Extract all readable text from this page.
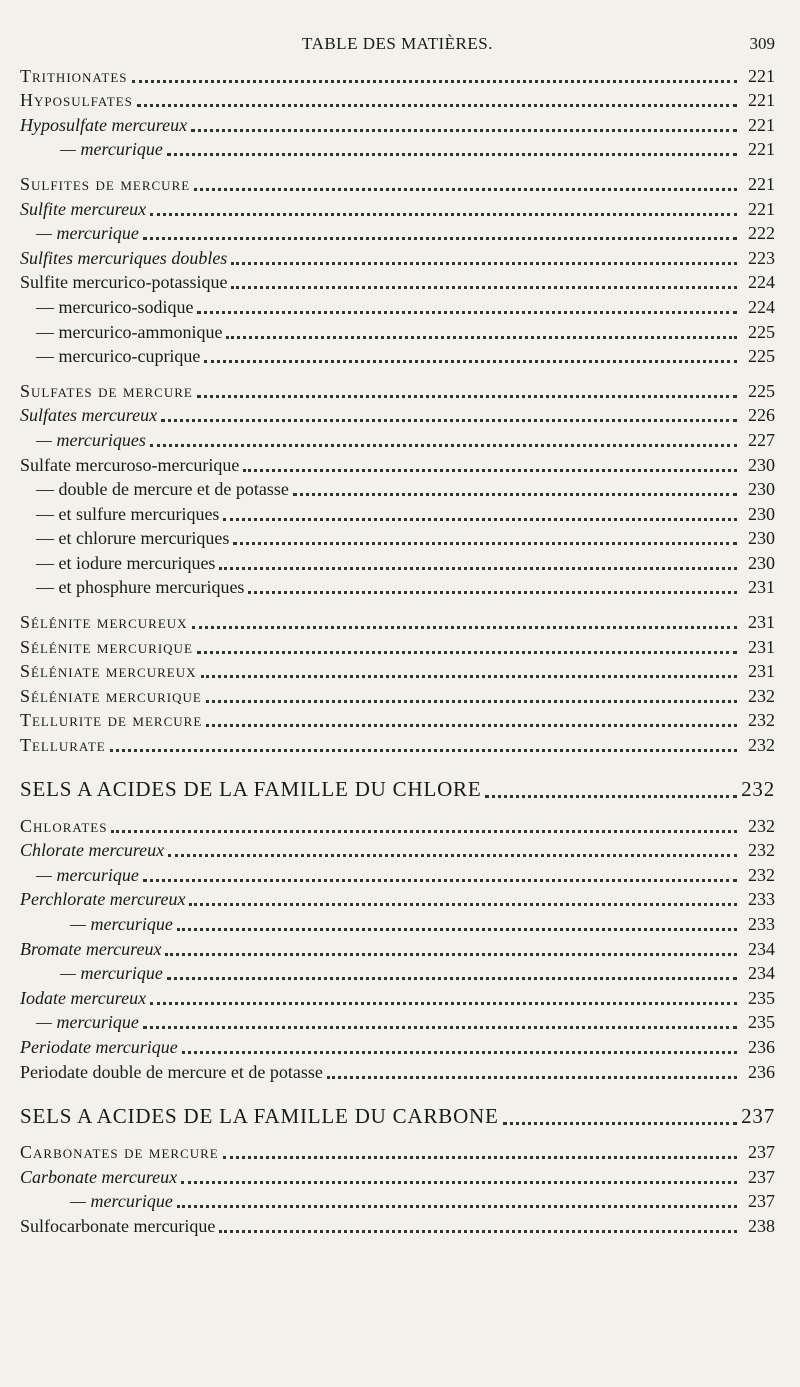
TABLE DES MATIÈRES.	309
Trithionates	221
Hyposulfates	221
Hyposulfate mercureux	221
— mercurique	221
Sulfites de mercure	221
Sulfite mercureux	221
— mercurique	222
Sulfites mercuriques doubles	223
Sulfite mercurico-potassique	224
— mercurico-sodique	224
— mercurico-ammonique	225
— mercurico-cuprique	225
Sulfates de mercure	225
Sulfates mercureux	226
— mercuriques	227
Sulfate mercuroso-mercurique	230
— double de mercure et de potasse	230
— et sulfure mercuriques	230
— et chlorure mercuriques	230
— et iodure mercuriques	230
— et phosphure mercuriques	231
Sélénite mercureux	231
Sélénite mercurique	231
Séléniate mercureux	231
Séléniate mercurique	232
Tellurite de mercure	232
Tellurate	232
SELS A ACIDES DE LA FAMILLE DU CHLORE	232
Chlorates	232
Chlorate mercureux	232
— mercurique	232
Perchlorate mercureux	233
— mercurique	233
Bromate mercureux	234
— mercurique	234
Iodate mercureux	235
— mercurique	235
Periodate mercurique	236
Periodate double de mercure et de potasse	236
SELS A ACIDES DE LA FAMILLE DU CARBONE	237
Carbonates de mercure	237
Carbonate mercureux	237
— mercurique	237
Sulfocarbonate mercurique	238
